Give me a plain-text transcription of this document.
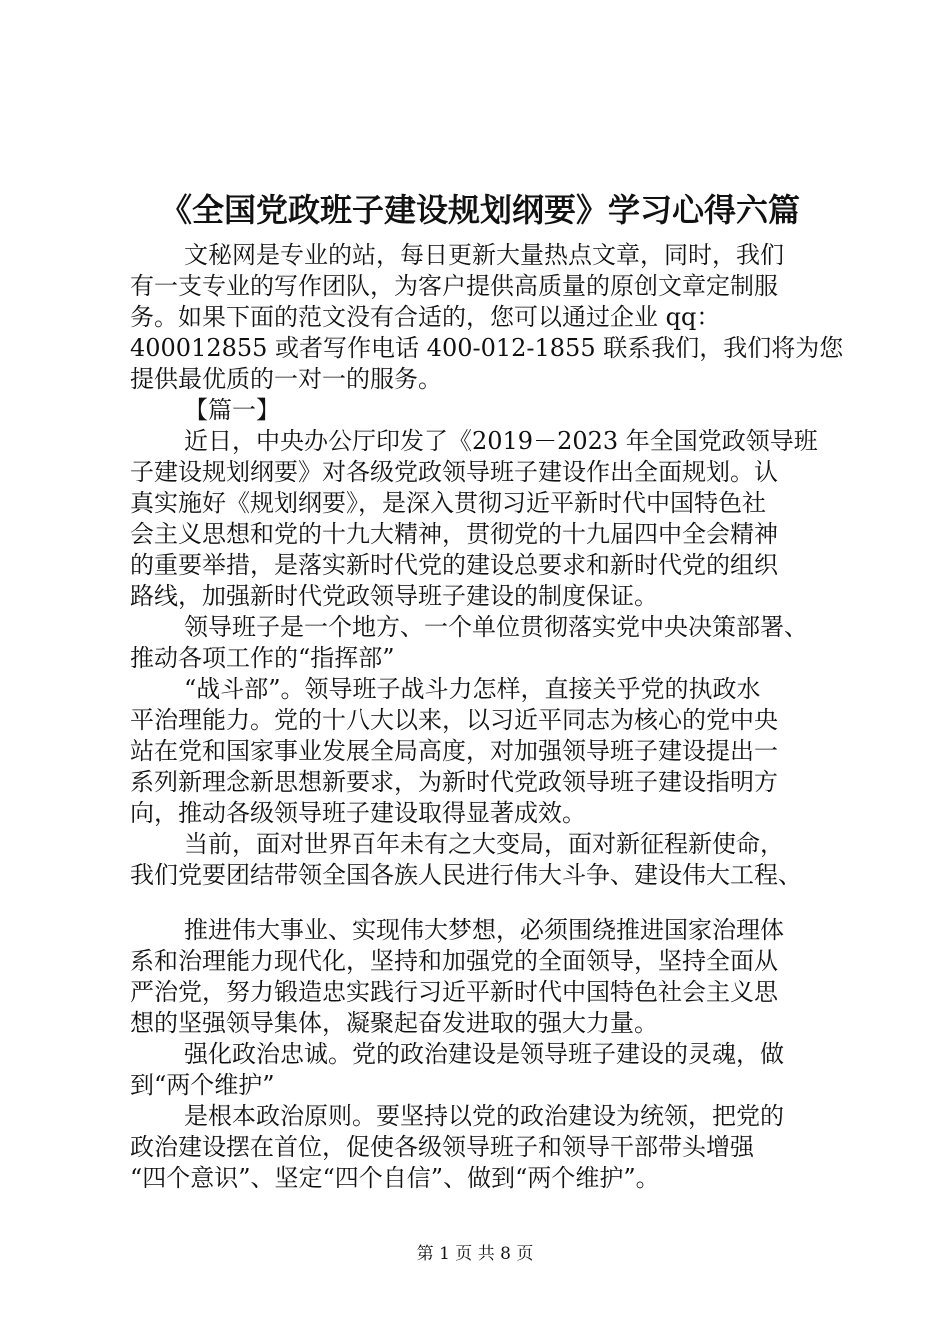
《全国党政班子建设规划纲要》学习心得六篇
文秘网是专业的站，每日更新大量热点文章，同时，我们
有一支专业的写作团队，为客户提供高质量的原创文章定制服
务。如果下面的范文没有合适的，您可以通过企业 qq：
400012855 或者写作电话 400-012-1855 联系我们，我们将为您
提供最优质的一对一的服务。
【篇一】
近日，中央办公厅印发了《2019－2023 年全国党政领导班
子建设规划纲要》对各级党政领导班子建设作出全面规划。认
真实施好《规划纲要》，是深入贯彻习近平新时代中国特色社
会主义思想和党的十九大精神，贯彻党的十九届四中全会精神
的重要举措，是落实新时代党的建设总要求和新时代党的组织
路线，加强新时代党政领导班子建设的制度保证。
领导班子是一个地方、一个单位贯彻落实党中央决策部署、
推动各项工作的“指挥部”
“战斗部”。领导班子战斗力怎样，直接关乎党的执政水
平治理能力。党的十八大以来，以习近平同志为核心的党中央
站在党和国家事业发展全局高度，对加强领导班子建设提出一
系列新理念新思想新要求，为新时代党政领导班子建设指明方
向，推动各级领导班子建设取得显著成效。
当前，面对世界百年未有之大变局，面对新征程新使命，
我们党要团结带领全国各族人民进行伟大斗争、建设伟大工程、
推进伟大事业、实现伟大梦想，必须围绕推进国家治理体
系和治理能力现代化，坚持和加强党的全面领导，坚持全面从
严治党，努力锻造忠实践行习近平新时代中国特色社会主义思
想的坚强领导集体，凝聚起奋发进取的强大力量。
强化政治忠诚。党的政治建设是领导班子建设的灵魂，做
到“两个维护”
是根本政治原则。要坚持以党的政治建设为统领，把党的
政治建设摆在首位，促使各级领导班子和领导干部带头增强
“四个意识”、坚定“四个自信”、做到“两个维护”。
第 1 页 共 8 页
